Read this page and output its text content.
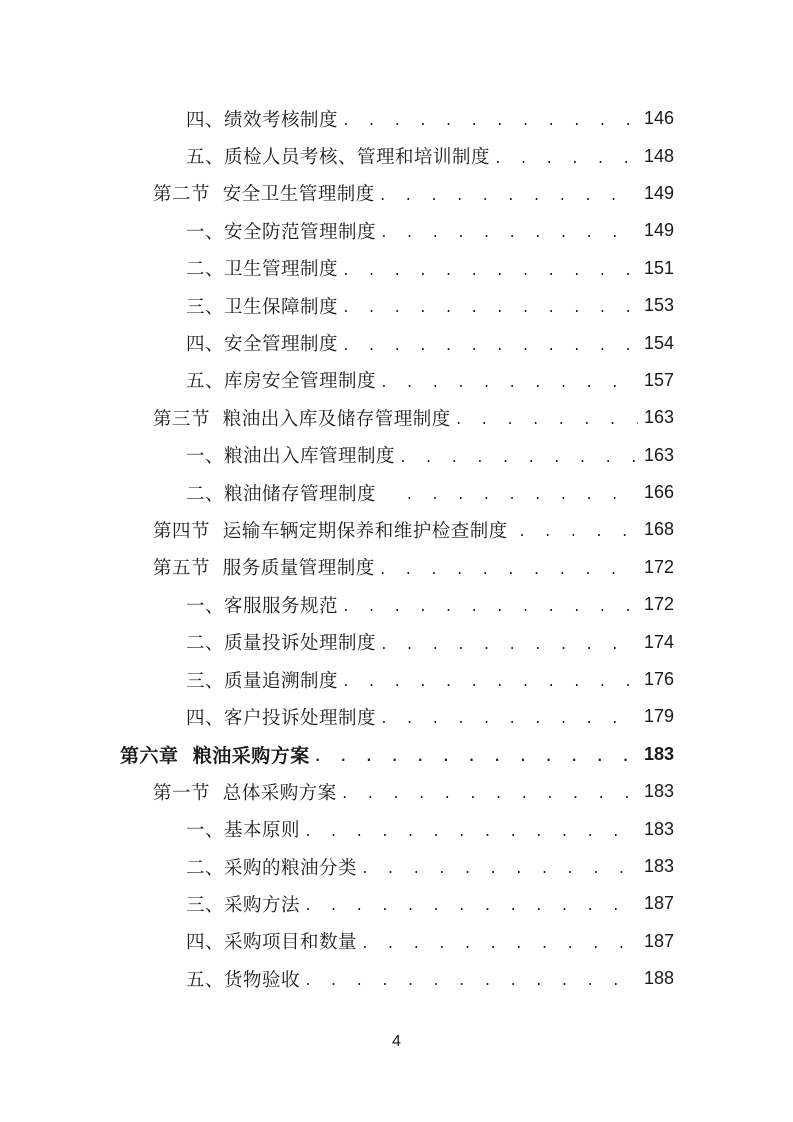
四、绩效考核制度 . . .	146
五、质检人员考核、管理和培训制度 . . .	148
第二节  安全卫生管理制度 . . .	149
一、安全防范管理制度 . . .	149
二、卫生管理制度 . . .	151
三、卫生保障制度 . . .	153
四、安全管理制度 . . .	154
五、库房安全管理制度 . . .	157
第三节  粮油出入库及储存管理制度 . . .	163
一、粮油出入库管理制度 . . .	163
二、粮油储存管理制度 . . .	166
第四节  运输车辆定期保养和维护检查制度 . . .	168
第五节  服务质量管理制度 . . .	172
一、客服服务规范 . . .	172
二、质量投诉处理制度 . . .	174
三、质量追溯制度 . . .	176
四、客户投诉处理制度 . . .	179
第六章  粮油采购方案 . . .	183
第一节  总体采购方案 . . .	183
一、基本原则 . . .	183
二、采购的粮油分类 . . .	183
三、采购方法 . . .	187
四、采购项目和数量 . . .	187
五、货物验收 . . .	188
4
